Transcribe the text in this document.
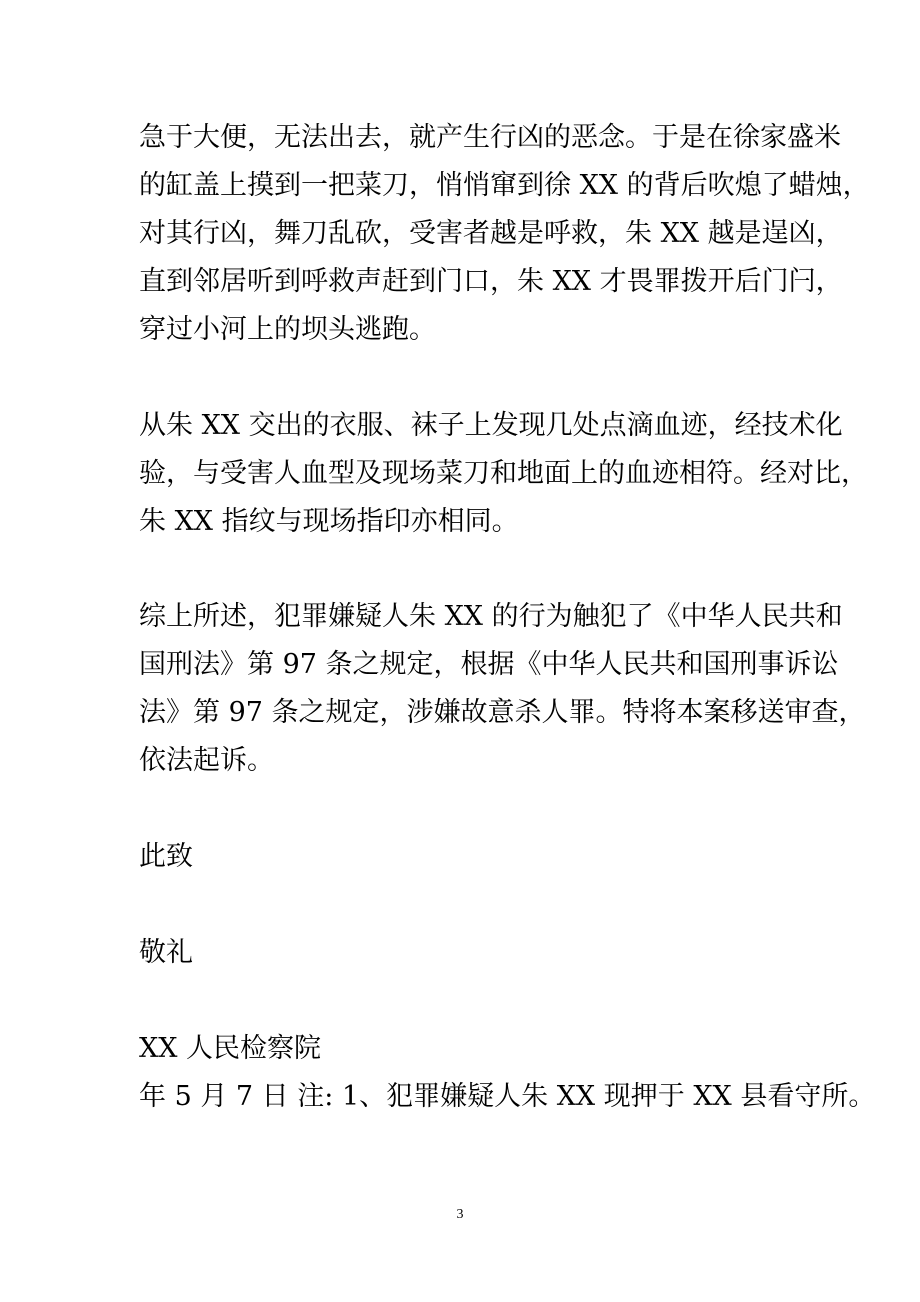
急于大便，无法出去，就产生行凶的恶念。于是在徐家盛米
的缸盖上摸到一把菜刀，悄悄窜到徐 XX 的背后吹熄了蜡烛，
对其行凶，舞刀乱砍，受害者越是呼救，朱 XX 越是逞凶，
直到邻居听到呼救声赶到门口，朱 XX 才畏罪拨开后门闩，
穿过小河上的坝头逃跑。
从朱 XX 交出的衣服、袜子上发现几处点滴血迹，经技术化
验，与受害人血型及现场菜刀和地面上的血迹相符。经对比，
朱 XX 指纹与现场指印亦相同。
综上所述，犯罪嫌疑人朱 XX 的行为触犯了《中华人民共和
国刑法》第 97 条之规定，根据《中华人民共和国刑事诉讼
法》第 97 条之规定，涉嫌故意杀人罪。特将本案移送审查，
依法起诉。
此致
敬礼
XX 人民检察院
年 5 月 7 日 注: 1、犯罪嫌疑人朱 XX 现押于 XX 县看守所。
3
